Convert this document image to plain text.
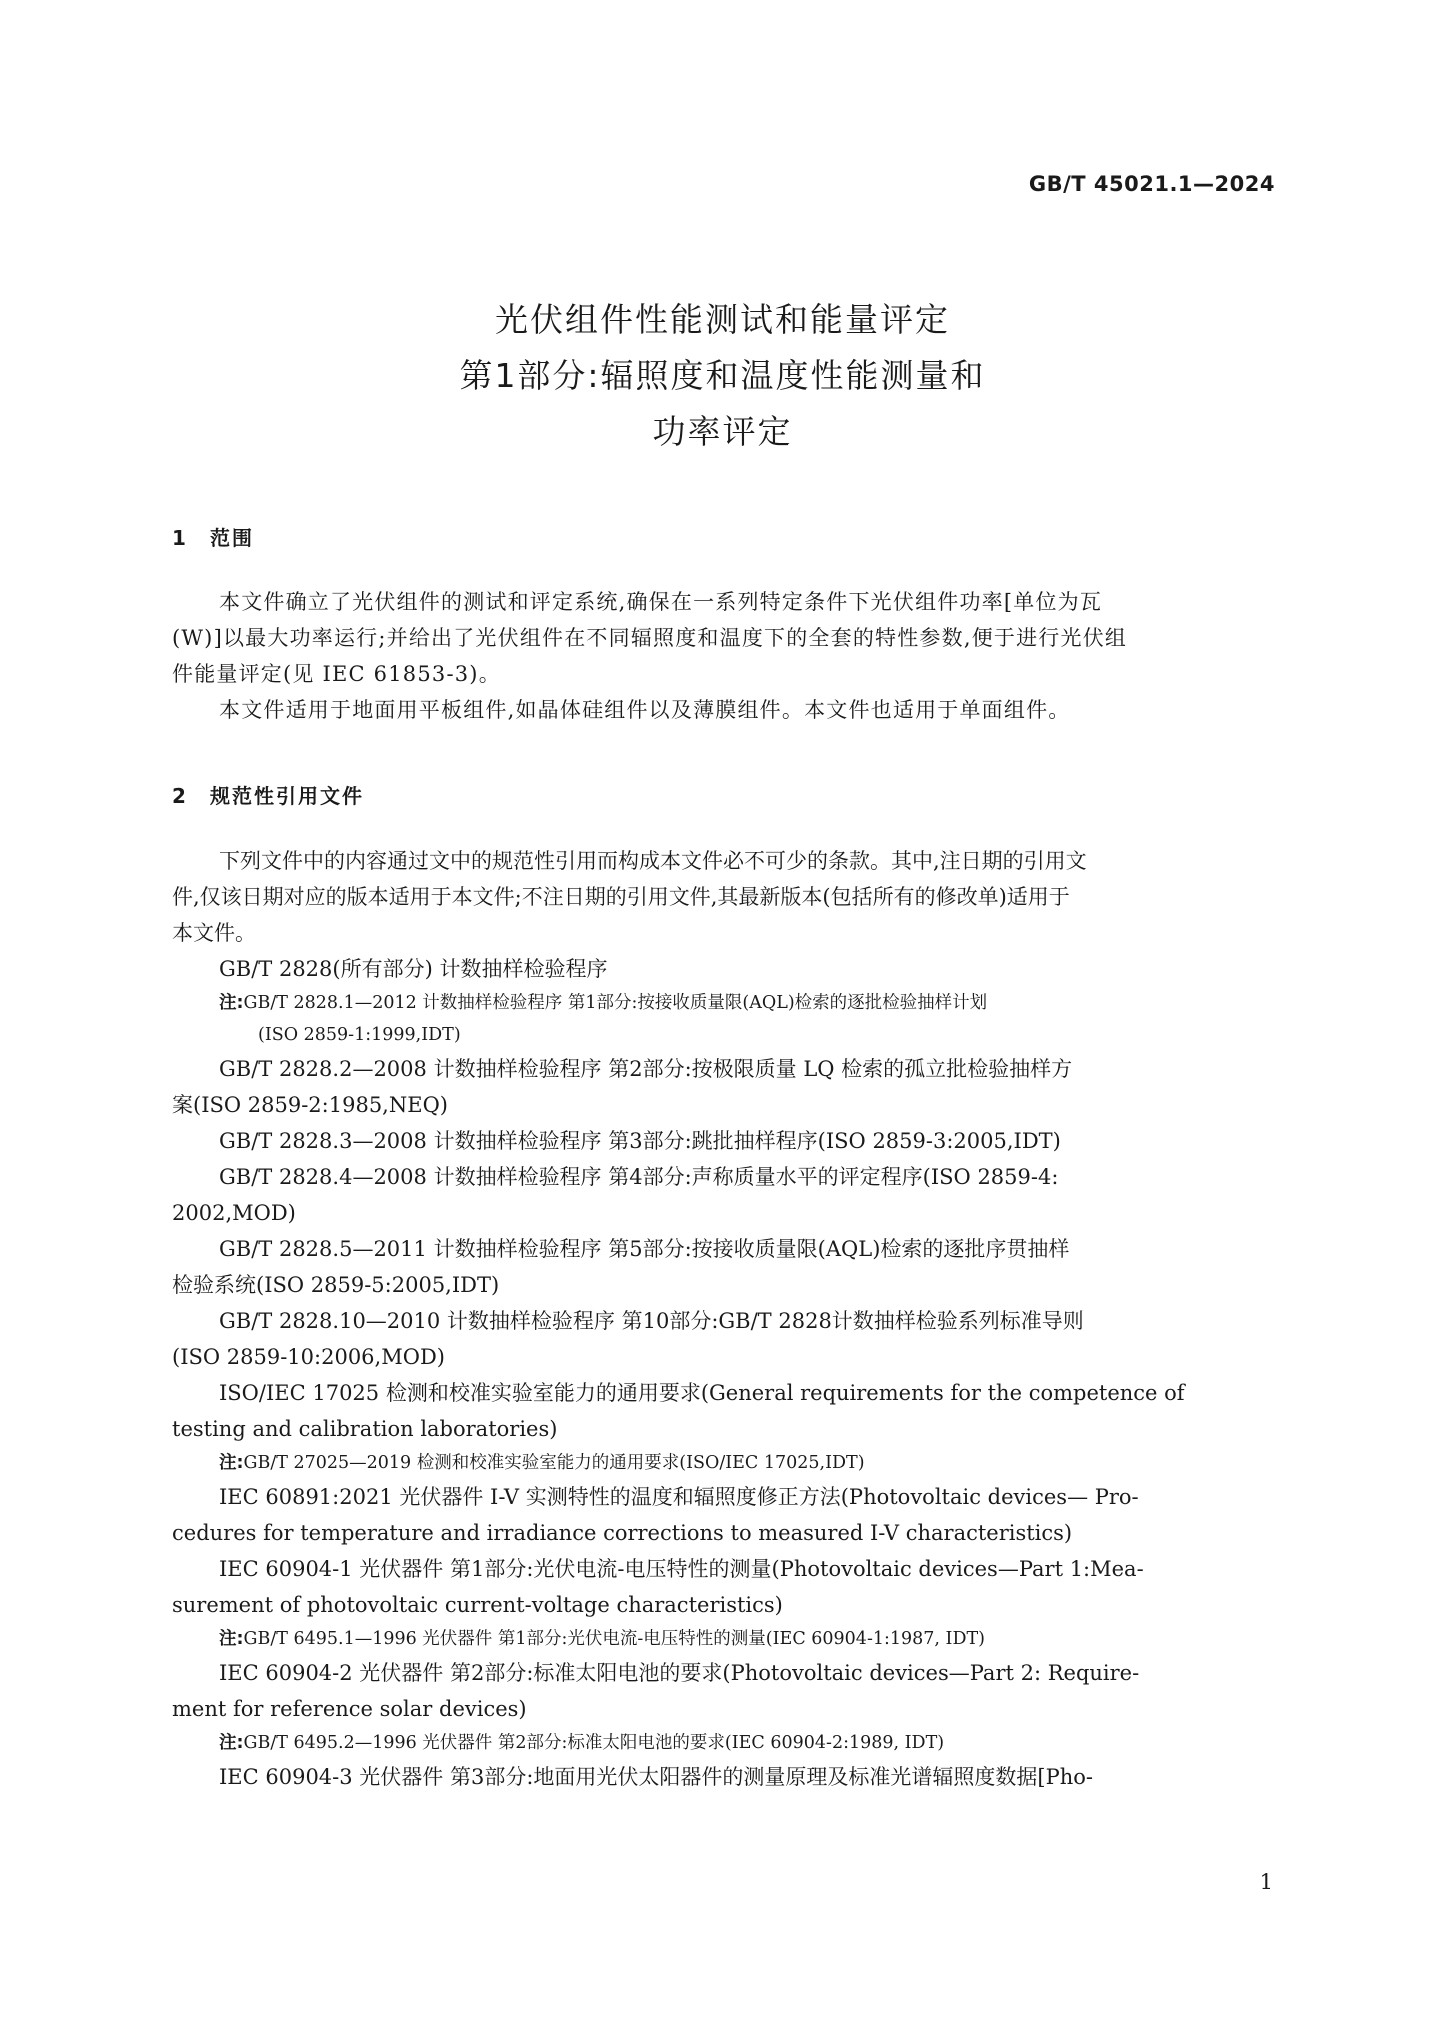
GB/T 45021.1—2024
光伏组件性能测试和能量评定
第1部分:辐照度和温度性能测量和
功率评定
1 范围
本文件确立了光伏组件的测试和评定系统,确保在一系列特定条件下光伏组件功率[单位为瓦
(W)]以最大功率运行;并给出了光伏组件在不同辐照度和温度下的全套的特性参数,便于进行光伏组
件能量评定(见 IEC 61853-3)。
本文件适用于地面用平板组件,如晶体硅组件以及薄膜组件。本文件也适用于单面组件。
2 规范性引用文件
下列文件中的内容通过文中的规范性引用而构成本文件必不可少的条款。其中,注日期的引用文
件,仅该日期对应的版本适用于本文件;不注日期的引用文件,其最新版本(包括所有的修改单)适用于
本文件。
GB/T 2828(所有部分) 计数抽样检验程序
注:GB/T 2828.1—2012 计数抽样检验程序 第1部分:按接收质量限(AQL)检索的逐批检验抽样计划
(ISO 2859-1:1999,IDT)
GB/T 2828.2—2008 计数抽样检验程序 第2部分:按极限质量 LQ 检索的孤立批检验抽样方
案(ISO 2859-2:1985,NEQ)
GB/T 2828.3—2008 计数抽样检验程序 第3部分:跳批抽样程序(ISO 2859-3:2005,IDT)
GB/T 2828.4—2008 计数抽样检验程序 第4部分:声称质量水平的评定程序(ISO 2859-4:
2002,MOD)
GB/T 2828.5—2011 计数抽样检验程序 第5部分:按接收质量限(AQL)检索的逐批序贯抽样
检验系统(ISO 2859-5:2005,IDT)
GB/T 2828.10—2010 计数抽样检验程序 第10部分:GB/T 2828计数抽样检验系列标准导则
(ISO 2859-10:2006,MOD)
ISO/IEC 17025 检测和校准实验室能力的通用要求(General requirements for the competence of
testing and calibration laboratories)
注:GB/T 27025—2019 检测和校准实验室能力的通用要求(ISO/IEC 17025,IDT)
IEC 60891:2021 光伏器件 I-V 实测特性的温度和辐照度修正方法(Photovoltaic devices— Pro-
cedures for temperature and irradiance corrections to measured I-V characteristics)
IEC 60904-1 光伏器件 第1部分:光伏电流-电压特性的测量(Photovoltaic devices—Part 1:Mea-
surement of photovoltaic current-voltage characteristics)
注:GB/T 6495.1—1996 光伏器件 第1部分:光伏电流-电压特性的测量(IEC 60904-1:1987, IDT)
IEC 60904-2 光伏器件 第2部分:标准太阳电池的要求(Photovoltaic devices—Part 2: Require-
ment for reference solar devices)
注:GB/T 6495.2—1996 光伏器件 第2部分:标准太阳电池的要求(IEC 60904-2:1989, IDT)
IEC 60904-3 光伏器件 第3部分:地面用光伏太阳器件的测量原理及标准光谱辐照度数据[Pho-
1
